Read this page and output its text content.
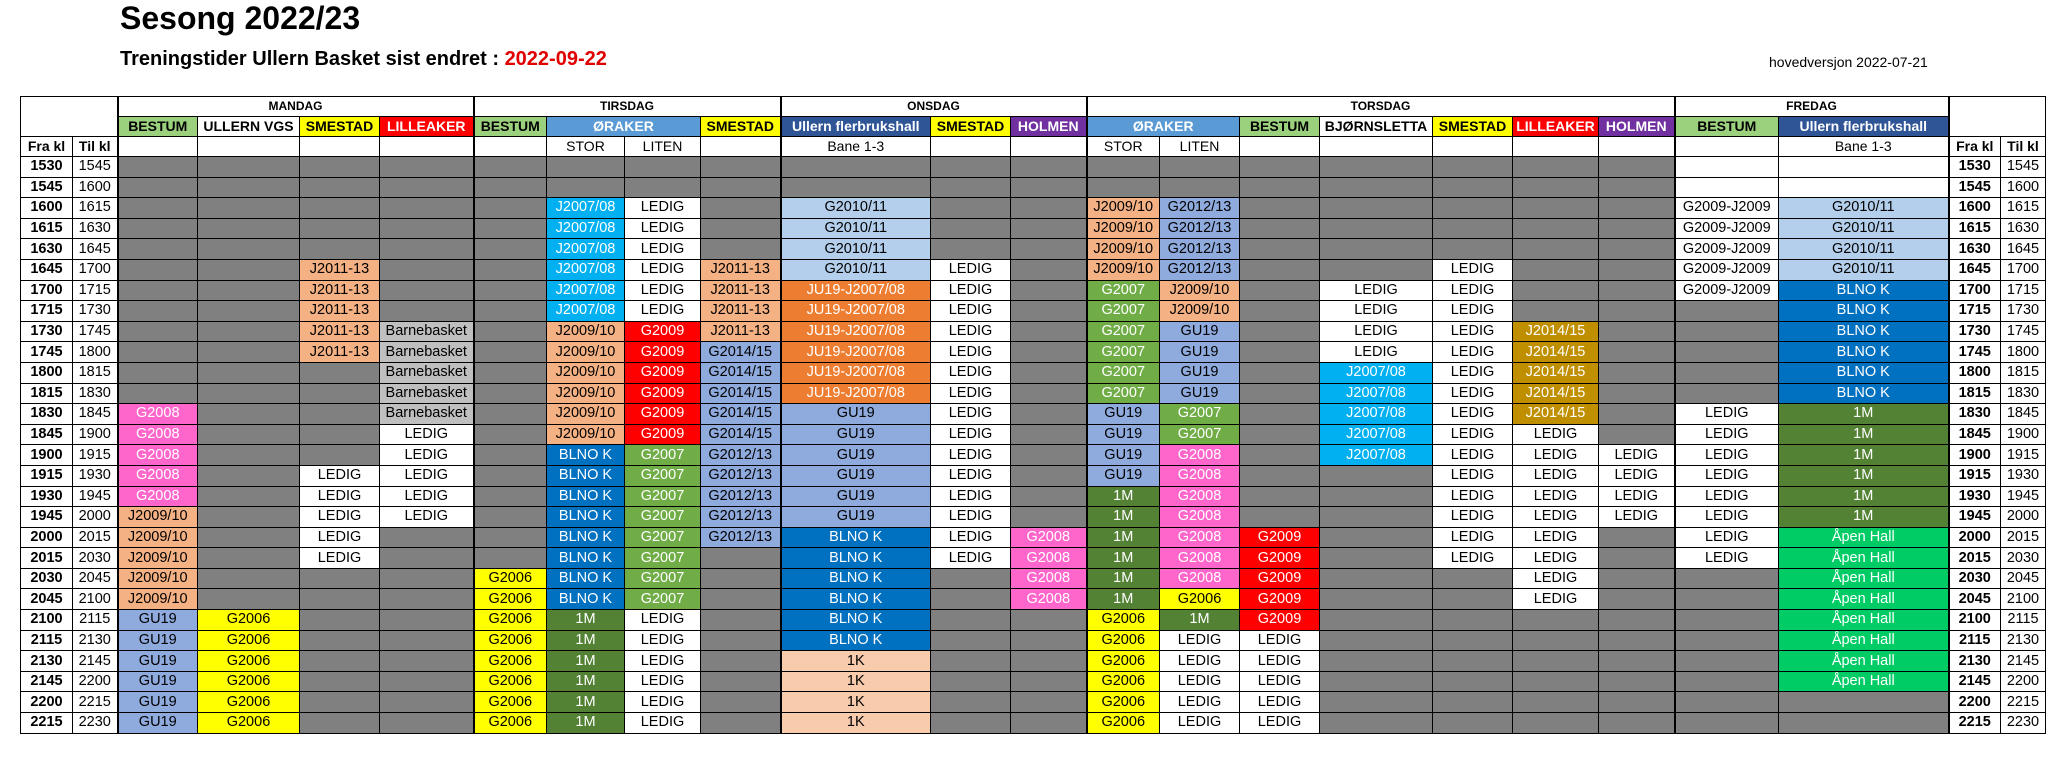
Sesong 2022/23
Treningstider Ullern Basket sist endret : 2022-09-22	hovedversjon 2022-07-21
		MANDAG				TIRSDAG				ONSDAG			TORSDAG							FREDAG			
		BESTUM	ULLERN VGS	SMESTAD	LILLEAKER	BESTUM	ØRAKER		SMESTAD	Ullern flerbrukshall	SMESTAD	HOLMEN	ØRAKER		BESTUM	BJØRNSLETTA	SMESTAD	LILLEAKER	HOLMEN	BESTUM	Ullern flerbrukshall		
Fra kl	Til kl						STOR	LITEN		Bane 1-3			STOR	LITEN							Bane 1-3	Fra kl	Til kl
1530	1545																					1530	1545
1545	1600																					1545	1600
1600	1615						J2007/08	LEDIG		G2010/11			J2009/10	G2012/13						G2009-J2009	G2010/11	1600	1615
1615	1630						J2007/08	LEDIG		G2010/11			J2009/10	G2012/13						G2009-J2009	G2010/11	1615	1630
1630	1645						J2007/08	LEDIG		G2010/11			J2009/10	G2012/13						G2009-J2009	G2010/11	1630	1645
1645	1700			J2011-13			J2007/08	LEDIG	J2011-13	G2010/11	LEDIG		J2009/10	G2012/13			LEDIG			G2009-J2009	G2010/11	1645	1700
1700	1715			J2011-13			J2007/08	LEDIG	J2011-13	JU19-J2007/08	LEDIG		G2007	J2009/10		LEDIG	LEDIG			G2009-J2009	BLNO K	1700	1715
1715	1730			J2011-13			J2007/08	LEDIG	J2011-13	JU19-J2007/08	LEDIG		G2007	J2009/10		LEDIG	LEDIG				BLNO K	1715	1730
1730	1745			J2011-13	Barnebasket		J2009/10	G2009	J2011-13	JU19-J2007/08	LEDIG		G2007	GU19		LEDIG	LEDIG	J2014/15			BLNO K	1730	1745
1745	1800			J2011-13	Barnebasket		J2009/10	G2009	G2014/15	JU19-J2007/08	LEDIG		G2007	GU19		LEDIG	LEDIG	J2014/15			BLNO K	1745	1800
1800	1815				Barnebasket		J2009/10	G2009	G2014/15	JU19-J2007/08	LEDIG		G2007	GU19		J2007/08	LEDIG	J2014/15			BLNO K	1800	1815
1815	1830				Barnebasket		J2009/10	G2009	G2014/15	JU19-J2007/08	LEDIG		G2007	GU19		J2007/08	LEDIG	J2014/15			BLNO K	1815	1830
1830	1845	G2008			Barnebasket		J2009/10	G2009	G2014/15	GU19	LEDIG		GU19	G2007		J2007/08	LEDIG	J2014/15		LEDIG	1M	1830	1845
1845	1900	G2008			LEDIG		J2009/10	G2009	G2014/15	GU19	LEDIG		GU19	G2007		J2007/08	LEDIG	LEDIG		LEDIG	1M	1845	1900
1900	1915	G2008			LEDIG		BLNO K	G2007	G2012/13	GU19	LEDIG		GU19	G2008		J2007/08	LEDIG	LEDIG	LEDIG	LEDIG	1M	1900	1915
1915	1930	G2008		LEDIG	LEDIG		BLNO K	G2007	G2012/13	GU19	LEDIG		GU19	G2008			LEDIG	LEDIG	LEDIG	LEDIG	1M	1915	1930
1930	1945	G2008		LEDIG	LEDIG		BLNO K	G2007	G2012/13	GU19	LEDIG		1M	G2008			LEDIG	LEDIG	LEDIG	LEDIG	1M	1930	1945
1945	2000	J2009/10		LEDIG	LEDIG		BLNO K	G2007	G2012/13	GU19	LEDIG		1M	G2008			LEDIG	LEDIG	LEDIG	LEDIG	1M	1945	2000
2000	2015	J2009/10		LEDIG			BLNO K	G2007	G2012/13	BLNO K	LEDIG	G2008	1M	G2008	G2009		LEDIG	LEDIG		LEDIG	Åpen Hall	2000	2015
2015	2030	J2009/10		LEDIG			BLNO K	G2007		BLNO K	LEDIG	G2008	1M	G2008	G2009		LEDIG	LEDIG		LEDIG	Åpen Hall	2015	2030
2030	2045	J2009/10				G2006	BLNO K	G2007		BLNO K		G2008	1M	G2008	G2009			LEDIG			Åpen Hall	2030	2045
2045	2100	J2009/10				G2006	BLNO K	G2007		BLNO K		G2008	1M	G2006	G2009			LEDIG			Åpen Hall	2045	2100
2100	2115	GU19	G2006			G2006	1M	LEDIG		BLNO K			G2006	1M	G2009						Åpen Hall	2100	2115
2115	2130	GU19	G2006			G2006	1M	LEDIG		BLNO K			G2006	LEDIG	LEDIG						Åpen Hall	2115	2130
2130	2145	GU19	G2006			G2006	1M	LEDIG		1K			G2006	LEDIG	LEDIG						Åpen Hall	2130	2145
2145	2200	GU19	G2006			G2006	1M	LEDIG		1K			G2006	LEDIG	LEDIG						Åpen Hall	2145	2200
2200	2215	GU19	G2006			G2006	1M	LEDIG		1K			G2006	LEDIG	LEDIG							2200	2215
2215	2230	GU19	G2006			G2006	1M	LEDIG		1K			G2006	LEDIG	LEDIG							2215	2230
